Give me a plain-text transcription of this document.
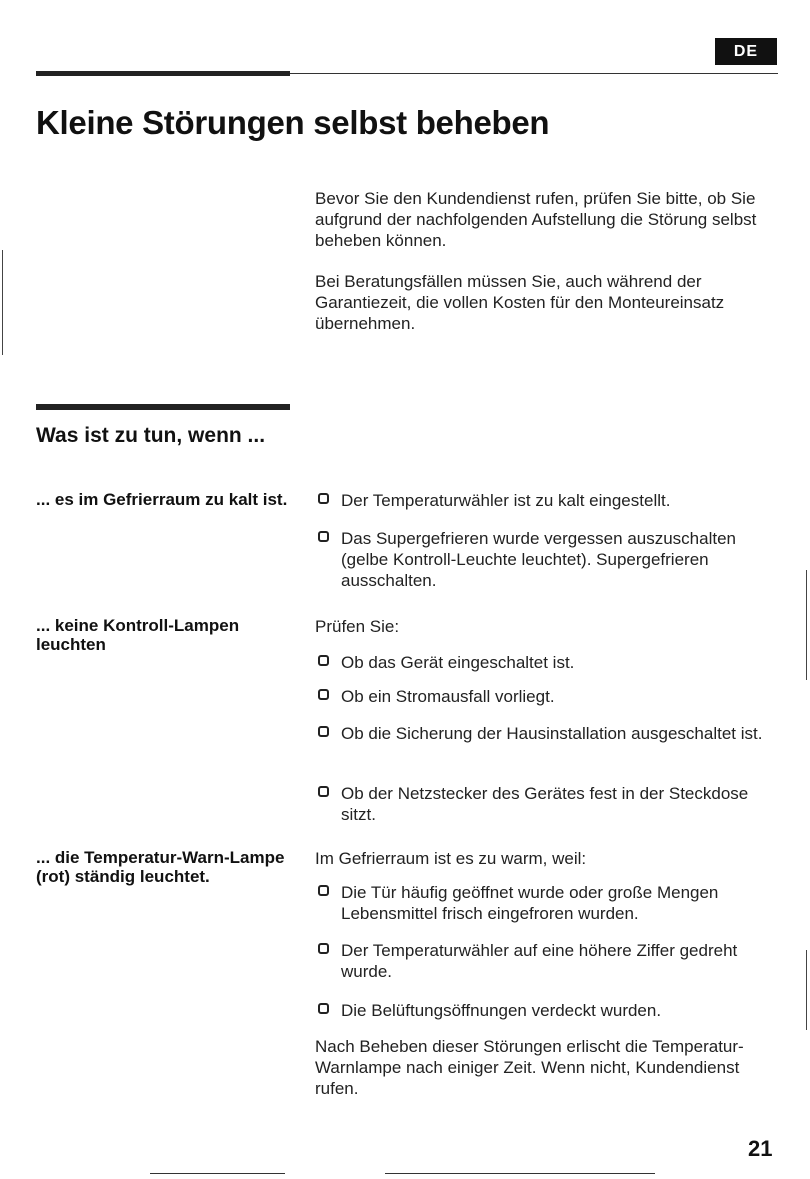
DE
Kleine Störungen selbst beheben

Bevor Sie den Kundendienst rufen, prüfen Sie bitte, ob Sie aufgrund der nachfolgenden Aufstellung die Störung selbst beheben können.

Bei Beratungsfällen müssen Sie, auch während der Garantiezeit, die vollen Kosten für den Monteureinsatz übernehmen.

Was ist zu tun, wenn ...

... es im Gefrierraum zu kalt ist.	Der Temperaturwähler ist zu kalt eingestellt.

Das Supergefrieren wurde vergessen auszuschalten (gelbe Kontroll-Leuchte leuchtet). Supergefrieren ausschalten.

... keine Kontroll-Lampen leuchten

Prüfen Sie:

Ob das Gerät eingeschaltet ist.

Ob ein Stromausfall vorliegt.

Ob die Sicherung der Hausinstallation ausgeschaltet ist.

Ob der Netzstecker des Gerätes fest in der Steckdose sitzt.

... die Temperatur-Warn-Lampe (rot) ständig leuchtet.

Im Gefrierraum ist es zu warm, weil:

Die Tür häufig geöffnet wurde oder große Mengen Lebensmittel frisch eingefroren wurden.

Der Temperaturwähler auf eine höhere Ziffer gedreht wurde.

Die Belüftungsöffnungen verdeckt wurden.

Nach Beheben dieser Störungen erlischt die Temperatur-Warnlampe nach einiger Zeit. Wenn nicht, Kundendienst rufen.

21
